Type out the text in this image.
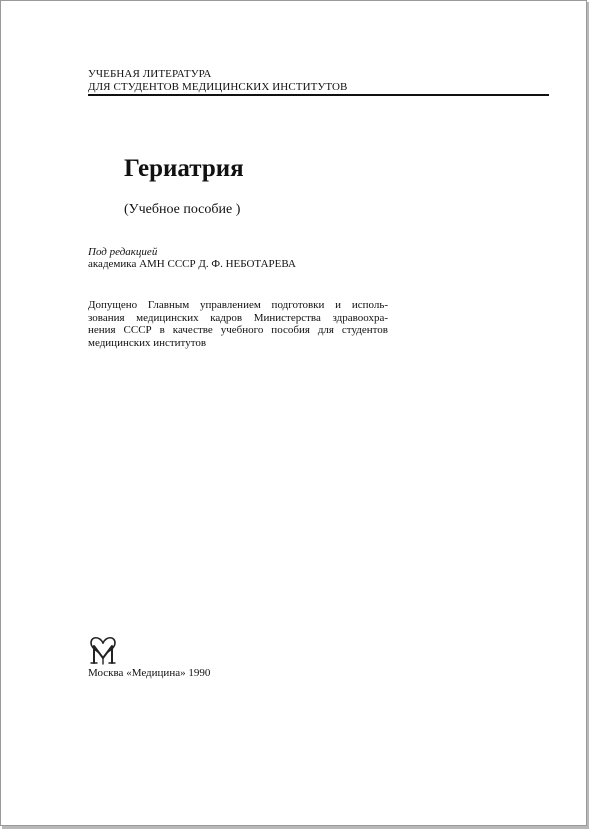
УЧЕБНАЯ ЛИТЕРАТУРА
ДЛЯ СТУДЕНТОВ МЕДИЦИНСКИХ ИНСТИТУТОВ
Гериатрия
(Учебное пособие )
Под редакцией
академика АМН СССР Д. Ф. НЕБОТАРЕВА
Допущено Главным управлением подготовки и исполь-
зования медицинских кадров Министерства здравоохра-
нения СССР в качестве учебного пособия для студентов
медицинских институтов
Москва «Медицина» 1990
